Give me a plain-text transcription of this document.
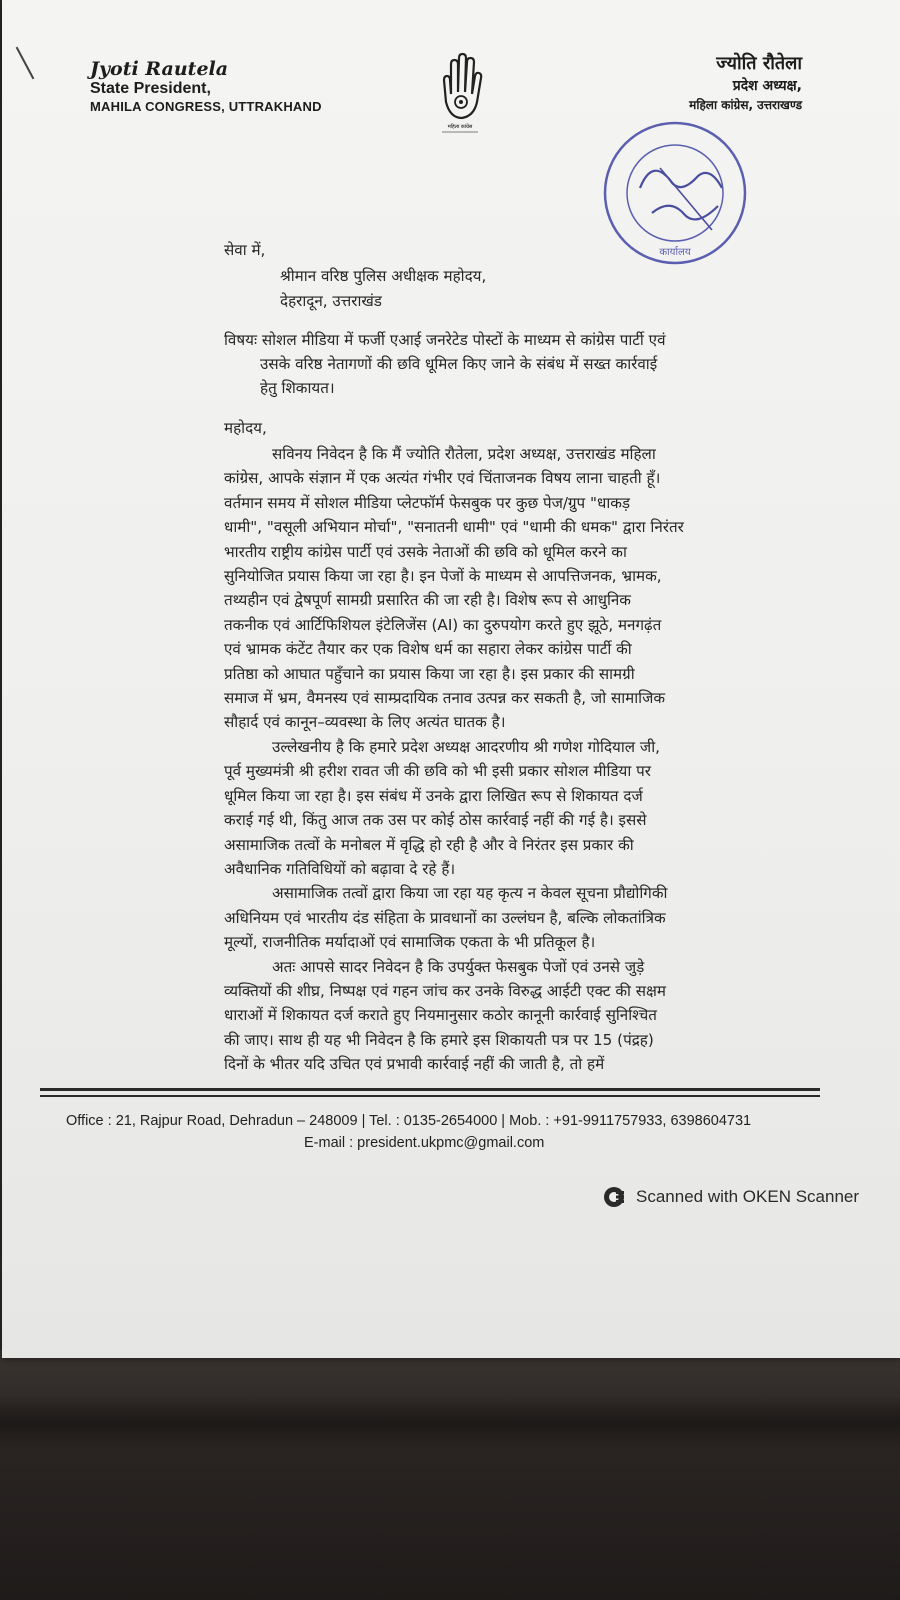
Jyoti Rautela
State President,
MAHILA CONGRESS, UTTRAKHAND
महिला कांग्रेस
ज्योति रौतेला
प्रदेश अध्यक्ष,
महिला कांग्रेस, उत्तराखण्ड
कार्यालय
सेवा में,
श्रीमान वरिष्ठ पुलिस अधीक्षक महोदय,
देहरादून, उत्तराखंड
विषयः सोशल मीडिया में फर्जी एआई जनरेटेड पोस्टों के माध्यम से कांग्रेस पार्टी एवं
उसके वरिष्ठ नेतागणों की छवि धूमिल किए जाने के संबंध में सख्त कार्रवाई
हेतु शिकायत।
महोदय,
सविनय निवेदन है कि मैं ज्योति रौतेला, प्रदेश अध्यक्ष, उत्तराखंड महिला
कांग्रेस, आपके संज्ञान में एक अत्यंत गंभीर एवं चिंताजनक विषय लाना चाहती हूँ।
वर्तमान समय में सोशल मीडिया प्लेटफॉर्म फेसबुक पर कुछ पेज/ग्रुप "धाकड़
धामी", "वसूली अभियान मोर्चा", "सनातनी धामी" एवं "धामी की धमक" द्वारा निरंतर
भारतीय राष्ट्रीय कांग्रेस पार्टी एवं उसके नेताओं की छवि को धूमिल करने का
सुनियोजित प्रयास किया जा रहा है। इन पेजों के माध्यम से आपत्तिजनक, भ्रामक,
तथ्यहीन एवं द्वेषपूर्ण सामग्री प्रसारित की जा रही है। विशेष रूप से आधुनिक
तकनीक एवं आर्टिफिशियल इंटेलिजेंस (AI) का दुरुपयोग करते हुए झूठे, मनगढ़ंत
एवं भ्रामक कंटेंट तैयार कर एक विशेष धर्म का सहारा लेकर कांग्रेस पार्टी की
प्रतिष्ठा को आघात पहुँचाने का प्रयास किया जा रहा है। इस प्रकार की सामग्री
समाज में भ्रम, वैमनस्य एवं साम्प्रदायिक तनाव उत्पन्न कर सकती है, जो सामाजिक
सौहार्द एवं कानून–व्यवस्था के लिए अत्यंत घातक है।
उल्लेखनीय है कि हमारे प्रदेश अध्यक्ष आदरणीय श्री गणेश गोदियाल जी,
पूर्व मुख्यमंत्री श्री हरीश रावत जी की छवि को भी इसी प्रकार सोशल मीडिया पर
धूमिल किया जा रहा है। इस संबंध में उनके द्वारा लिखित रूप से शिकायत दर्ज
कराई गई थी, किंतु आज तक उस पर कोई ठोस कार्रवाई नहीं की गई है। इससे
असामाजिक तत्वों के मनोबल में वृद्धि हो रही है और वे निरंतर इस प्रकार की
अवैधानिक गतिविधियों को बढ़ावा दे रहे हैं।
असामाजिक तत्वों द्वारा किया जा रहा यह कृत्य न केवल सूचना प्रौद्योगिकी
अधिनियम एवं भारतीय दंड संहिता के प्रावधानों का उल्लंघन है, बल्कि लोकतांत्रिक
मूल्यों, राजनीतिक मर्यादाओं एवं सामाजिक एकता के भी प्रतिकूल है।
अतः आपसे सादर निवेदन है कि उपर्युक्त फेसबुक पेजों एवं उनसे जुड़े
व्यक्तियों की शीघ्र, निष्पक्ष एवं गहन जांच कर उनके विरुद्ध आईटी एक्ट की सक्षम
धाराओं में शिकायत दर्ज कराते हुए नियमानुसार कठोर कानूनी कार्रवाई सुनिश्चित
की जाए। साथ ही यह भी निवेदन है कि हमारे इस शिकायती पत्र पर 15 (पंद्रह)
दिनों के भीतर यदि उचित एवं प्रभावी कार्रवाई नहीं की जाती है, तो हमें
Office : 21, Rajpur Road, Dehradun – 248009 | Tel. : 0135-2654000 | Mob. : +91-9911757933, 6398604731
E-mail : president.ukpmc@gmail.com
Scanned with OKEN Scanner
